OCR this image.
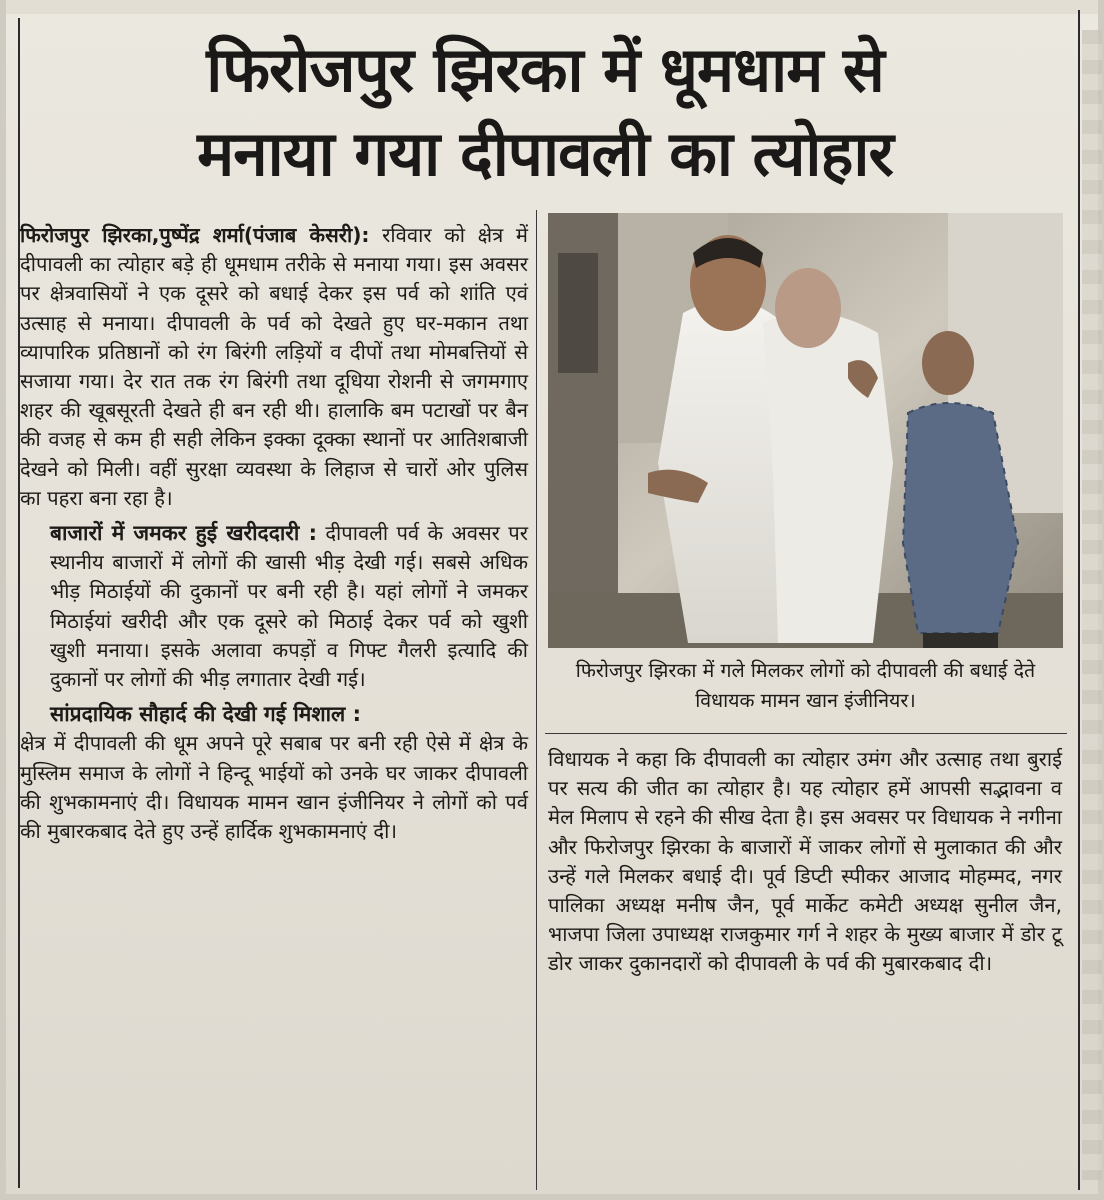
फिरोजपुर झिरका में धूमधाम से
मनाया गया दीपावली का त्योहार

फिरोजपुर झिरका,पुष्पेंद्र शर्मा(पंजाब केसरी): रविवार को क्षेत्र में दीपावली का त्योहार बड़े ही धूमधाम तरीके से मनाया गया। इस अवसर पर क्षेत्रवासियों ने एक दूसरे को बधाई देकर इस पर्व को शांति एवं उत्साह से मनाया। दीपावली के पर्व को देखते हुए घर-मकान तथा व्यापारिक प्रतिष्ठानों को रंग बिरंगी लड़ियों व दीपों तथा मोमबत्तियों से सजाया गया। देर रात तक रंग बिरंगी तथा दूधिया रोशनी से जगमगाए शहर की खूबसूरती देखते ही बन रही थी। हालाकि बम पटाखों पर बैन की वजह से कम ही सही लेकिन इक्का दूक्का स्थानों पर आतिशबाजी देखने को मिली। वहीं सुरक्षा व्यवस्था के लिहाज से चारों ओर पुलिस का पहरा बना रहा है।

बाजारों में जमकर हुई खरीददारी : दीपावली पर्व के अवसर पर स्थानीय बाजारों में लोगों की खासी भीड़ देखी गई। सबसे अधिक भीड़ मिठाईयों की दुकानों पर बनी रही है। यहां लोगों ने जमकर मिठाईयां खरीदी और एक दूसरे को मिठाई देकर पर्व को खुशी खुशी मनाया। इसके अलावा कपड़ों व गिफ्ट गैलरी इत्यादि की दुकानों पर लोगों की भीड़ लगातार देखी गई।

सांप्रदायिक सौहार्द की देखी गई मिशाल :

क्षेत्र में दीपावली की धूम अपने पूरे सबाब पर बनी रही ऐसे में क्षेत्र के मुस्लिम समाज के लोगों ने हिन्दू भाईयों को उनके घर जाकर दीपावली की शुभकामनाएं दी। विधायक मामन खान इंजीनियर ने लोगों को पर्व की मुबारकबाद देते हुए उन्हें हार्दिक शुभकामनाएं दी।

फिरोजपुर झिरका में गले मिलकर लोगों को दीपावली की बधाई देते विधायक मामन खान इंजीनियर।

विधायक ने कहा कि दीपावली का त्योहार उमंग और उत्साह तथा बुराई पर सत्य की जीत का त्योहार है। यह त्योहार हमें आपसी सद्भावना व मेल मिलाप से रहने की सीख देता है। इस अवसर पर विधायक ने नगीना और फिरोजपुर झिरका के बाजारों में जाकर लोगों से मुलाकात की और उन्हें गले मिलकर बधाई दी। पूर्व डिप्टी स्पीकर आजाद मोहम्मद, नगर पालिका अध्यक्ष मनीष जैन, पूर्व मार्केट कमेटी अध्यक्ष सुनील जैन, भाजपा जिला उपाध्यक्ष राजकुमार गर्ग ने शहर के मुख्य बाजार में डोर टू डोर जाकर दुकानदारों को दीपावली के पर्व की मुबारकबाद दी।
